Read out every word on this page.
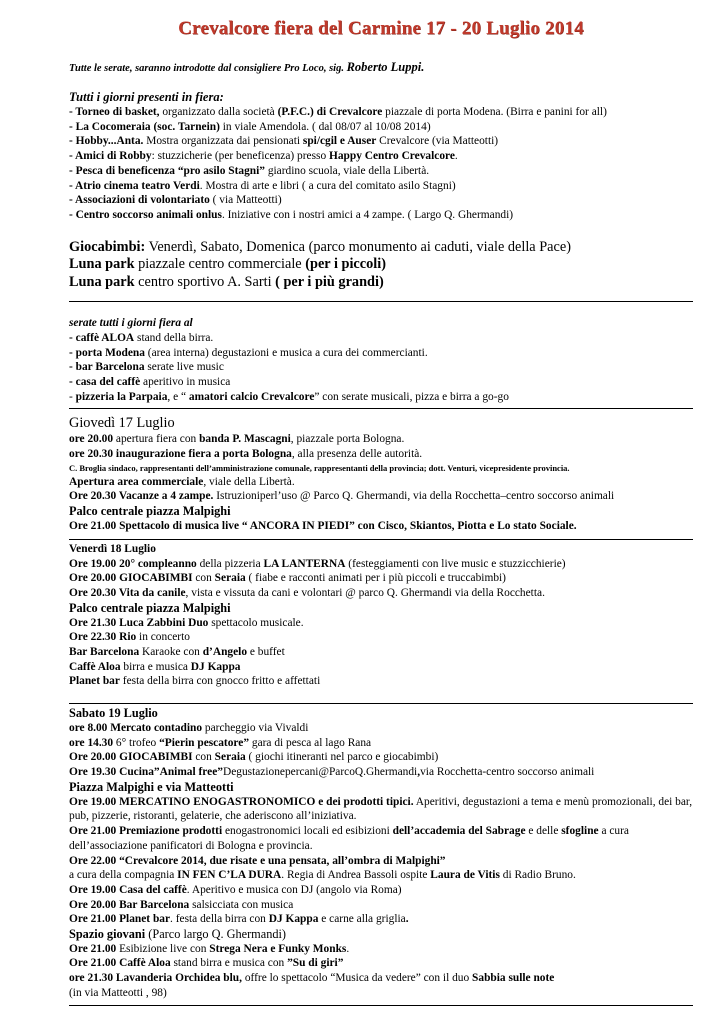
Crevalcore fiera del Carmine 17 - 20 Luglio 2014
Tutte le serate, saranno introdotte dal consigliere Pro Loco, sig. Roberto Luppi.
Tutti i giorni presenti in fiera:
- Torneo di basket, organizzato dalla società (P.F.C.) di Crevalcore piazzale di porta Modena. (Birra e panini for all)
- La Cocomeraia (soc. Tarnein) in viale Amendola. ( dal 08/07 al 10/08 2014)
- Hobby...Anta. Mostra organizzata dai pensionati spi/cgil e Auser Crevalcore (via Matteotti)
- Amici di Robby: stuzzicherie (per beneficenza) presso Happy Centro Crevalcore.
- Pesca di beneficenza “pro asilo Stagni” giardino scuola, viale della Libertà.
- Atrio cinema teatro Verdi. Mostra di arte e libri ( a cura del comitato asilo Stagni)
- Associazioni di volontariato ( via Matteotti)
- Centro soccorso animali onlus. Iniziative con i nostri amici a 4 zampe. ( Largo Q. Ghermandi)
Giocabimbi: Venerdì, Sabato, Domenica (parco monumento ai caduti, viale della Pace)
Luna park piazzale centro commerciale (per i piccoli)
Luna park centro sportivo A. Sarti ( per i più grandi)
serate tutti i giorni fiera al
- caffè ALOA stand della birra.
- porta Modena (area interna) degustazioni e musica a cura dei commercianti.
- bar Barcelona serate live music
- casa del caffè aperitivo in musica
- pizzeria la Parpaia, e “ amatori calcio Crevalcore” con serate musicali, pizza e birra a go-go
Giovedì 17 Luglio
ore 20.00 apertura fiera con banda P. Mascagni, piazzale porta Bologna.
ore 20.30 inaugurazione fiera a porta Bologna, alla presenza delle autorità.
C. Broglia sindaco, rappresentanti dell’amministrazione comunale, rappresentanti della provincia; dott. Venturi, vicepresidente provincia.
Apertura area commerciale, viale della Libertà.
Ore 20.30 Vacanze a 4 zampe. Istruzioniperl’uso @ Parco Q. Ghermandi, via della Rocchetta–centro soccorso animali
Palco centrale piazza Malpighi
Ore 21.00 Spettacolo di musica live “ ANCORA IN PIEDI” con Cisco, Skiantos, Piotta e Lo stato Sociale.
Venerdì 18 Luglio
Ore 19.00 20° compleanno della pizzeria LA LANTERNA (festeggiamenti con live music e stuzzicchierie)
Ore 20.00 GIOCABIMBI con Seraia ( fiabe e racconti animati per i più piccoli e truccabimbi)
Ore 20.30 Vita da canile, vista e vissuta da cani e volontari @ parco Q. Ghermandi via della Rocchetta.
Palco centrale piazza Malpighi
Ore 21.30 Luca Zabbini Duo spettacolo musicale.
Ore 22.30 Rio in concerto
Bar Barcelona Karaoke con d’Angelo e buffet
Caffè Aloa birra e musica DJ Kappa
Planet bar festa della birra con gnocco fritto e affettati
Sabato 19 Luglio
ore 8.00 Mercato contadino parcheggio via Vivaldi
ore 14.30 6° trofeo “Pierin pescatore” gara di pesca al lago Rana
Ore 20.00 GIOCABIMBI con Seraia ( giochi itineranti nel parco e giocabimbi)
Ore 19.30 Cucina”Animal free”Degustazionepercani@ParcoQ.Ghermandi,via Rocchetta-centro soccorso animali
Piazza Malpighi e via Matteotti
Ore 19.00 MERCATINO ENOGASTRONOMICO e dei prodotti tipici. Aperitivi, degustazioni a tema e menù promozionali, dei bar, pub, pizzerie, ristoranti, gelaterie, che aderiscono all’iniziativa.
Ore 21.00 Premiazione prodotti enogastronomici locali ed esibizioni dell’accademia del Sabrage e delle sfogline a cura dell’associazione panificatori di Bologna e provincia.
Ore 22.00 “Crevalcore 2014, due risate e una pensata, all’ombra di Malpighi”
a cura della compagnia IN FEN C’LA DURA. Regia di Andrea Bassoli ospite Laura de Vitis di Radio Bruno.
Ore 19.00 Casa del caffè. Aperitivo e musica con DJ (angolo via Roma)
Ore 20.00 Bar Barcelona salsicciata con musica
Ore 21.00 Planet bar. festa della birra con DJ Kappa e carne alla griglia.
Spazio giovani (Parco largo Q. Ghermandi)
Ore 21.00 Esibizione live con Strega Nera e Funky Monks.
Ore 21.00 Caffè Aloa stand birra e musica con ”Su di giri”
ore 21.30 Lavanderia Orchidea blu, offre lo spettacolo “Musica da vedere” con il duo Sabbia sulle note
(in via Matteotti , 98)
